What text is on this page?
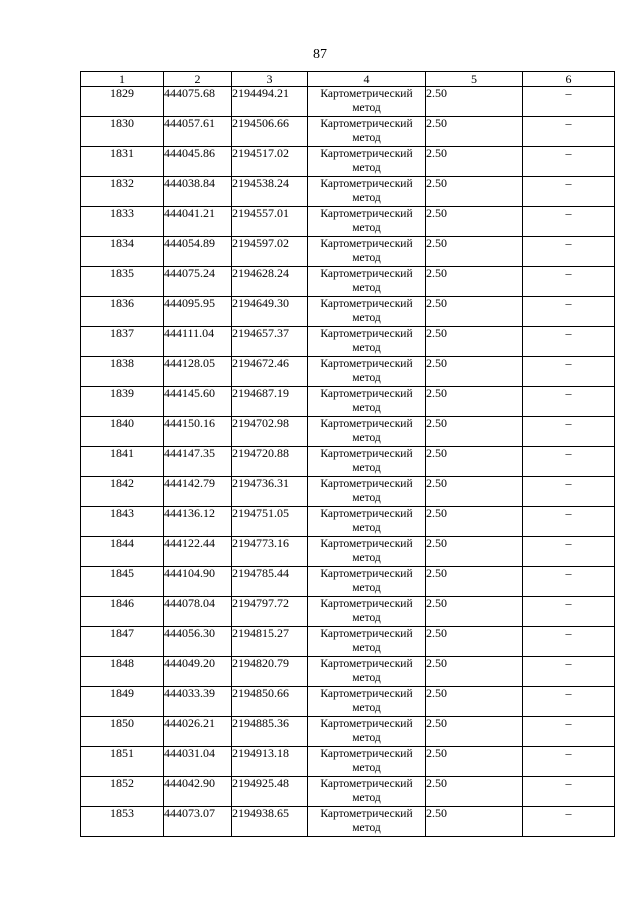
87
1	2	3	4	5	6
1829	444075.68	2194494.21	Картометрический метод	2.50	–
1830	444057.61	2194506.66	Картометрический метод	2.50	–
1831	444045.86	2194517.02	Картометрический метод	2.50	–
1832	444038.84	2194538.24	Картометрический метод	2.50	–
1833	444041.21	2194557.01	Картометрический метод	2.50	–
1834	444054.89	2194597.02	Картометрический метод	2.50	–
1835	444075.24	2194628.24	Картометрический метод	2.50	–
1836	444095.95	2194649.30	Картометрический метод	2.50	–
1837	444111.04	2194657.37	Картометрический метод	2.50	–
1838	444128.05	2194672.46	Картометрический метод	2.50	–
1839	444145.60	2194687.19	Картометрический метод	2.50	–
1840	444150.16	2194702.98	Картометрический метод	2.50	–
1841	444147.35	2194720.88	Картометрический метод	2.50	–
1842	444142.79	2194736.31	Картометрический метод	2.50	–
1843	444136.12	2194751.05	Картометрический метод	2.50	–
1844	444122.44	2194773.16	Картометрический метод	2.50	–
1845	444104.90	2194785.44	Картометрический метод	2.50	–
1846	444078.04	2194797.72	Картометрический метод	2.50	–
1847	444056.30	2194815.27	Картометрический метод	2.50	–
1848	444049.20	2194820.79	Картометрический метод	2.50	–
1849	444033.39	2194850.66	Картометрический метод	2.50	–
1850	444026.21	2194885.36	Картометрический метод	2.50	–
1851	444031.04	2194913.18	Картометрический метод	2.50	–
1852	444042.90	2194925.48	Картометрический метод	2.50	–
1853	444073.07	2194938.65	Картометрический метод	2.50	–
